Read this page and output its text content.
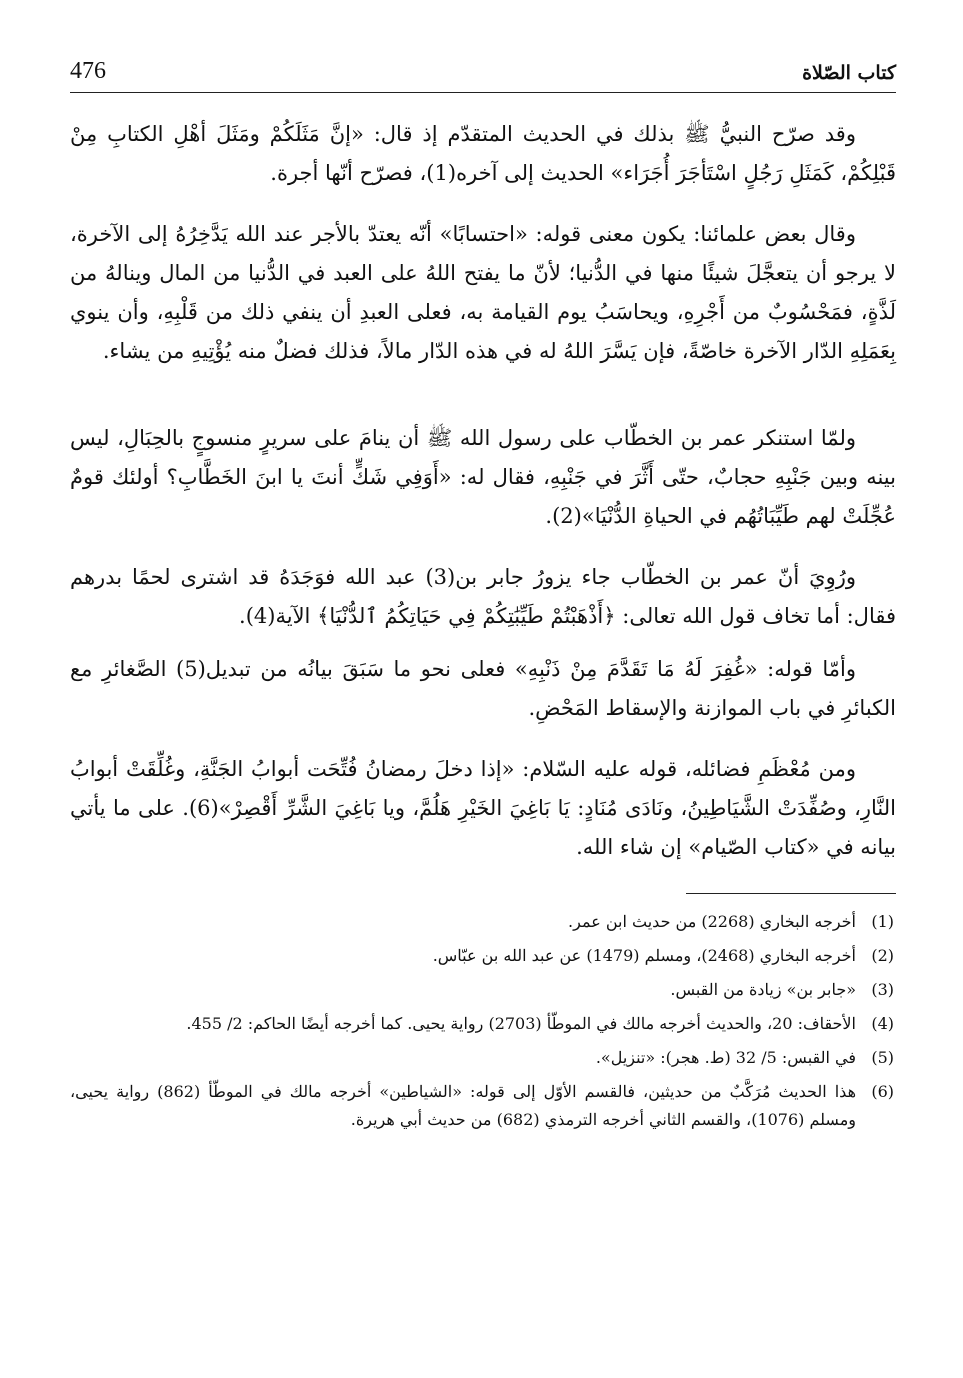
كتاب الصّلاة
476

وقد صرّح النبيُّ ﷺ بذلك في الحديث المتقدّم إذ قال: «إنَّ مَثَلَكُمْ ومَثَلَ أهْلِ الكتابِ مِنْ قَبْلِكُمْ، كَمَثَلِ رَجُلٍ اسْتَأجَرَ أُجَرَاء» الحديث إلى آخره(1)، فصرّح أنّها أجرة.

وقال بعض علمائنا: يكون معنى قوله: «احتسابًا» أنّه يعتدّ بالأجر عند الله يَدَّخِرُهُ إلى الآخرة، لا يرجو أن يتعجَّلَ شيئًا منها في الدُّنيا؛ لأنّ ما يفتح اللهُ على العبد في الدُّنيا من المال وينالهُ من لَذَّةٍ، فمَحْسُوبٌ من أَجْرِهِ، ويحاسَبُ يوم القيامة به، فعلى العبدِ أن ينفي ذلك من قَلْبِهِ، وأن ينوي بِعَمَلِهِ الدّار الآخرة خاصّةً، فإن يَسَّرَ اللهُ له في هذه الدّار مالاً، فذلك فضلٌ منه يُؤْتِيهِ من يشاء.

ولمّا استنكر عمر بن الخطّاب على رسول الله ﷺ أن ينامَ على سريرٍ منسوجٍ بالحِبَالِ، ليس بينه وبين جَنْبِهِ حجابٌ، حتّى أَثَّرَ في جَنْبِهِ، فقال له: «أَوَفِي شَكٍّ أنتَ يا ابنَ الخَطَّابِ؟ أولئك قومٌ عُجِّلَتْ لهم طَيِّبَاتُهُم في الحياةِ الدُّنْيَا»(2).

ورُوِيَ أنّ عمر بن الخطّاب جاء يزورُ جابر بن(3) عبد الله فوَجَدَهُ قد اشترى لحمًا بدرهم فقال: أما تخاف قول الله تعالى: ﴿أَذْهَبْتُمْ طَيِّبَٰتِكُمْ فِي حَيَاتِكُمُ ٱلدُّنْيَا﴾ الآية(4).

وأمّا قوله: «غُفِرَ لَهُ مَا تَقَدَّمَ مِنْ ذَنْبِهِ» فعلى نحو ما سَبَقَ بيانُه من تبديل(5) الصَّغائرِ مع الكبائرِ في باب الموازنة والإسقاط المَحْضِ.

ومن مُعْظَمِ فضائله، قوله عليه السّلام: «إذا دخلَ رمضانُ فُتِّحَت أبوابُ الجَنَّةِ، وغُلِّقَتْ أبوابُ النَّارِ، وصُفِّدَتْ الشَّيَاطِينُ، ونَادَى مُنَادٍ: يَا بَاغِيَ الخَيْرِ هَلُمَّ، ويا بَاغِيَ الشَّرِّ أَقْصِرْ»(6). على ما يأتي بيانه في «كتاب الصّيام» إن شاء الله.

(1)
أخرجه البخاري (2268) من حديث ابن عمر.
(2)
أخرجه البخاري (2468)، ومسلم (1479) عن عبد الله بن عبّاس.
(3)
«جابر بن» زيادة من القبس.
(4)
الأحقاف: 20، والحديث أخرجه مالك في الموطّأ (2703) رواية يحيى. كما أخرجه أيضًا الحاكم: 2/ 455.
(5)
في القبس: 5/ 32 (ط. هجر): «تنزيل».
(6)
هذا الحديث مُرَكَّبٌ من حديثين، فالقسم الأوّل إلى قوله: «الشياطين» أخرجه مالك في الموطّأ (862) رواية يحيى، ومسلم (1076)، والقسم الثاني أخرجه الترمذي (682) من حديث أبي هريرة.
